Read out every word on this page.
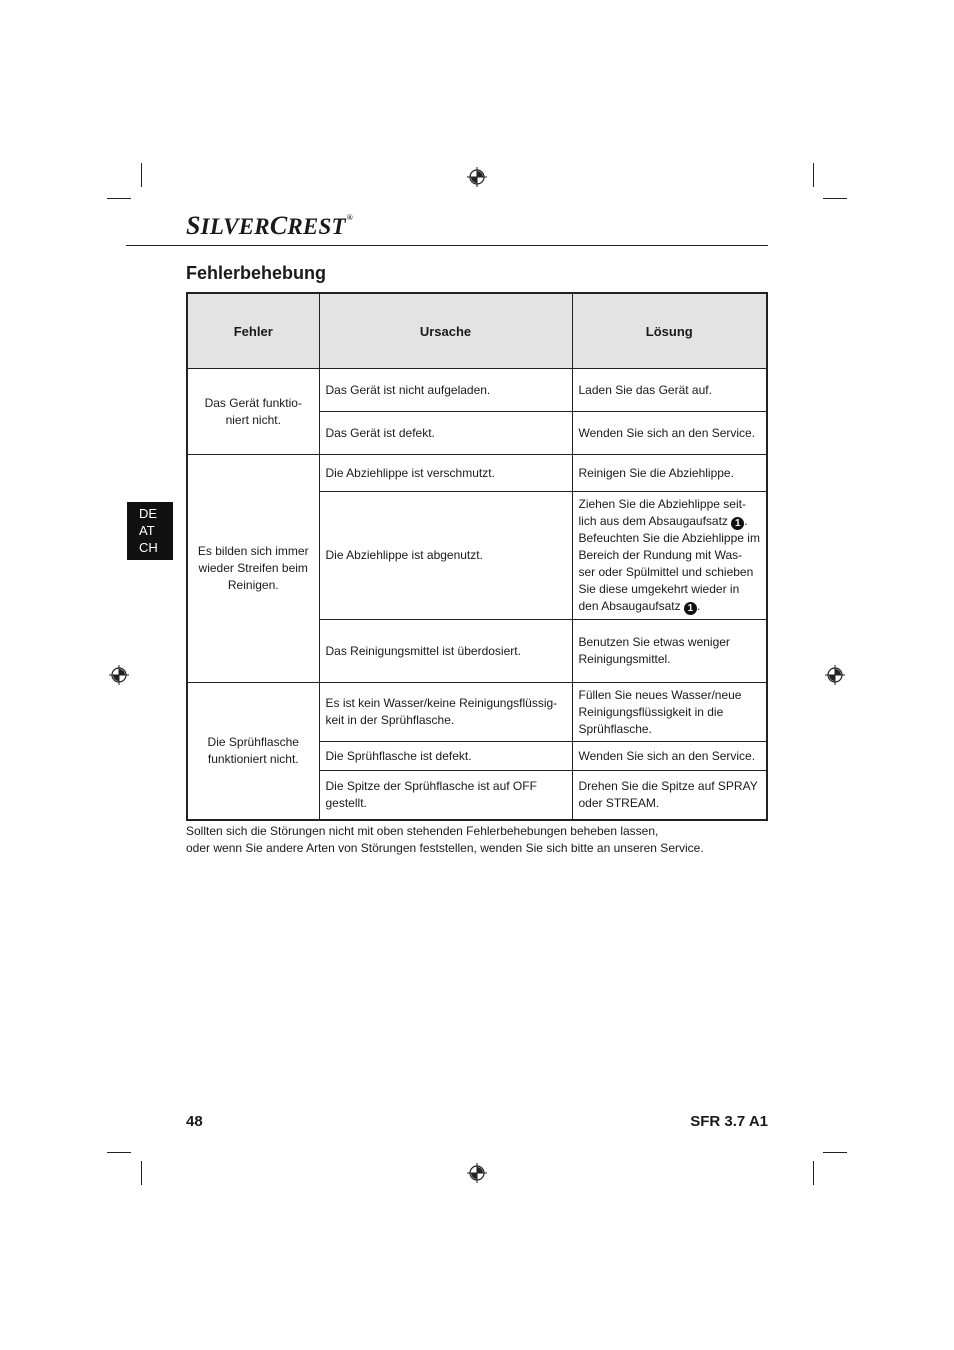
SILVERCREST®
Fehlerbehebung
DE
AT
CH
Fehler	Ursache	Lösung
Das Gerät funktio-
niert nicht.	Das Gerät ist nicht aufgeladen.	Laden Sie das Gerät auf.
	Das Gerät ist defekt.	Wenden Sie sich an den Service.
Es bilden sich immer wieder Streifen beim Reinigen.	Die Abziehlippe ist verschmutzt.	Reinigen Sie die Abziehlippe.
	Die Abziehlippe ist abgenutzt.	Ziehen Sie die Abziehlippe seit-
lich aus dem Absaugaufsatz 1 .
Befeuchten Sie die Abziehlippe im Bereich der Rundung mit Was-
ser oder Spülmittel und schieben Sie diese umgekehrt wieder in den Absaugaufsatz 1 .
	Das Reinigungsmittel ist überdosiert.	Benutzen Sie etwas weniger Reinigungsmittel.
Die Sprühflasche funktioniert nicht.	Es ist kein Wasser/keine Reinigungsflüssig-
keit in der Sprühflasche.	Füllen Sie neues Wasser/neue Reinigungsflüssigkeit in die Sprühflasche.
	Die Sprühflasche ist defekt.	Wenden Sie sich an den Service.
	Die Spitze der Sprühflasche ist auf OFF gestellt.	Drehen Sie die Spitze auf SPRAY oder STREAM.

Sollten sich die Störungen nicht mit oben stehenden Fehlerbehebungen beheben lassen,

oder wenn Sie andere Arten von Störungen feststellen, wenden Sie sich bitte an unseren Service.

48	SFR 3.7 A1
